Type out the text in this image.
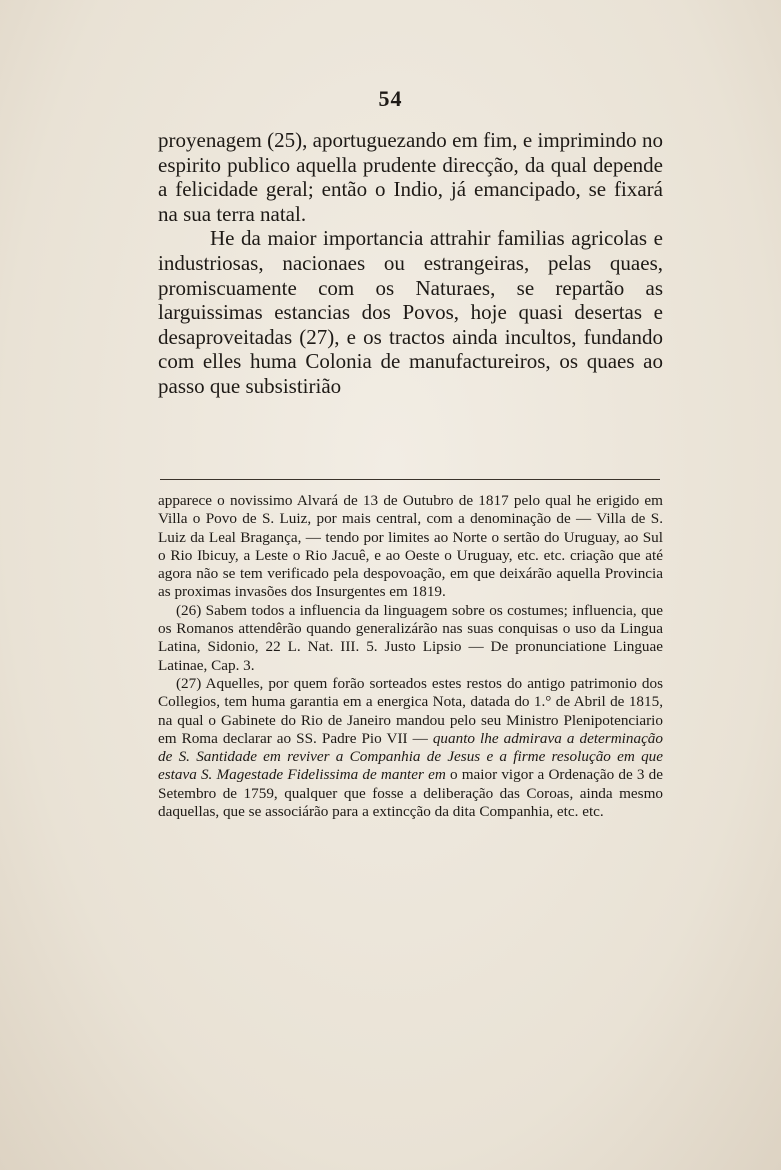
54

proyenagem (25), aportuguezando em fim, e imprimindo no espirito publico aquella prudente direcção, da qual depende a felicidade geral; então o Indio, já emancipado, se fixará na sua terra natal.

He da maior importancia attrahir familias agricolas e industriosas, nacionaes ou estrangeiras, pelas quaes, promiscuamente com os Naturaes, se repartão as larguissimas estancias dos Povos, hoje quasi desertas e desaproveitadas (27), e os tractos ainda incultos, fundando com elles huma Colonia de manufactureiros, os quaes ao passo que subsistirião

apparece o novissimo Alvará de 13 de Outubro de 1817 pelo qual he erigido em Villa o Povo de S. Luiz, por mais central, com a denominação de — Villa de S. Luiz da Leal Bragança, — tendo por limites ao Norte o sertão do Uruguay, ao Sul o Rio Ibicuy, a Leste o Rio Jacuê, e ao Oeste o Uruguay, etc. etc. criação que até agora não se tem verificado pela despovoação, em que deixárão aquella Provincia as proximas invasões dos Insurgentes em 1819.

(26) Sabem todos a influencia da linguagem sobre os costumes; influencia, que os Romanos attendêrão quando generalizárão nas suas conquisas o uso da Lingua Latina, Sidonio, 22 L. Nat. III. 5. Justo Lipsio — De pronunciatione Linguae Latinae, Cap. 3.

(27) Aquelles, por quem forão sorteados estes restos do antigo patrimonio dos Collegios, tem huma garantia em a energica Nota, datada do 1.° de Abril de 1815, na qual o Gabinete do Rio de Janeiro mandou pelo seu Ministro Plenipotenciario em Roma declarar ao SS. Padre Pio VII — quanto lhe admirava a determinação de S. Santidade em reviver a Companhia de Jesus e a firme resolução em que estava S. Magestade Fidelissima de manter em o maior vigor a Ordenação de 3 de Setembro de 1759, qualquer que fosse a deliberação das Coroas, ainda mesmo daquellas, que se associárão para a extincção da dita Companhia, etc. etc.
